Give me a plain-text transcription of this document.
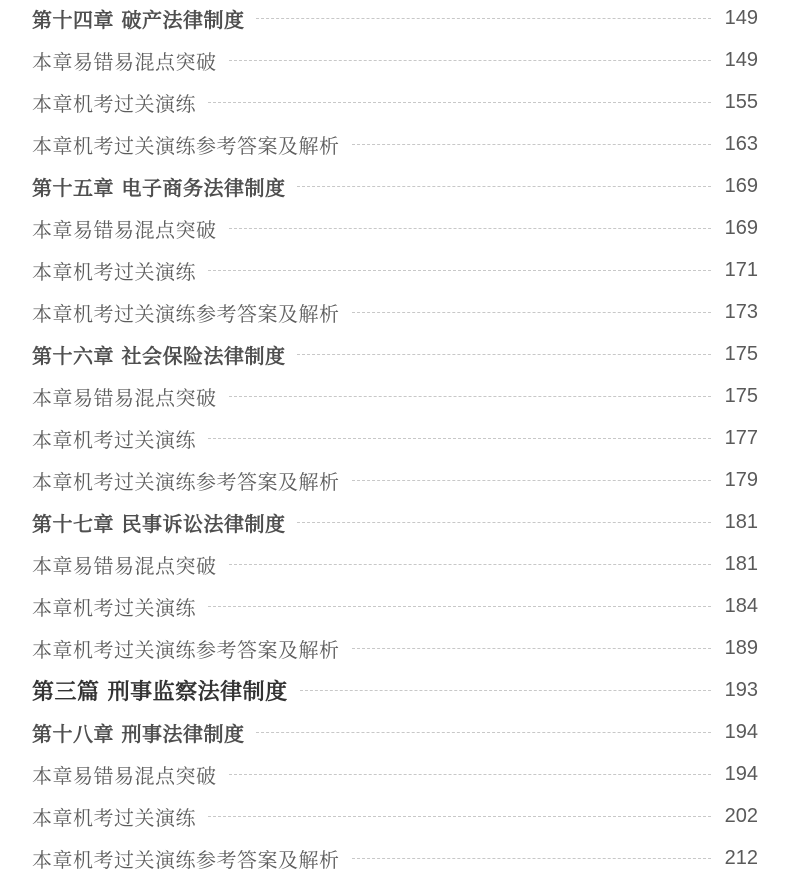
第十四章 破产法律制度	149
本章易错易混点突破	149
本章机考过关演练	155
本章机考过关演练参考答案及解析	163
第十五章 电子商务法律制度	169
本章易错易混点突破	169
本章机考过关演练	171
本章机考过关演练参考答案及解析	173
第十六章 社会保险法律制度	175
本章易错易混点突破	175
本章机考过关演练	177
本章机考过关演练参考答案及解析	179
第十七章 民事诉讼法律制度	181
本章易错易混点突破	181
本章机考过关演练	184
本章机考过关演练参考答案及解析	189
第三篇 刑事监察法律制度	193
第十八章 刑事法律制度	194
本章易错易混点突破	194
本章机考过关演练	202
本章机考过关演练参考答案及解析	212
